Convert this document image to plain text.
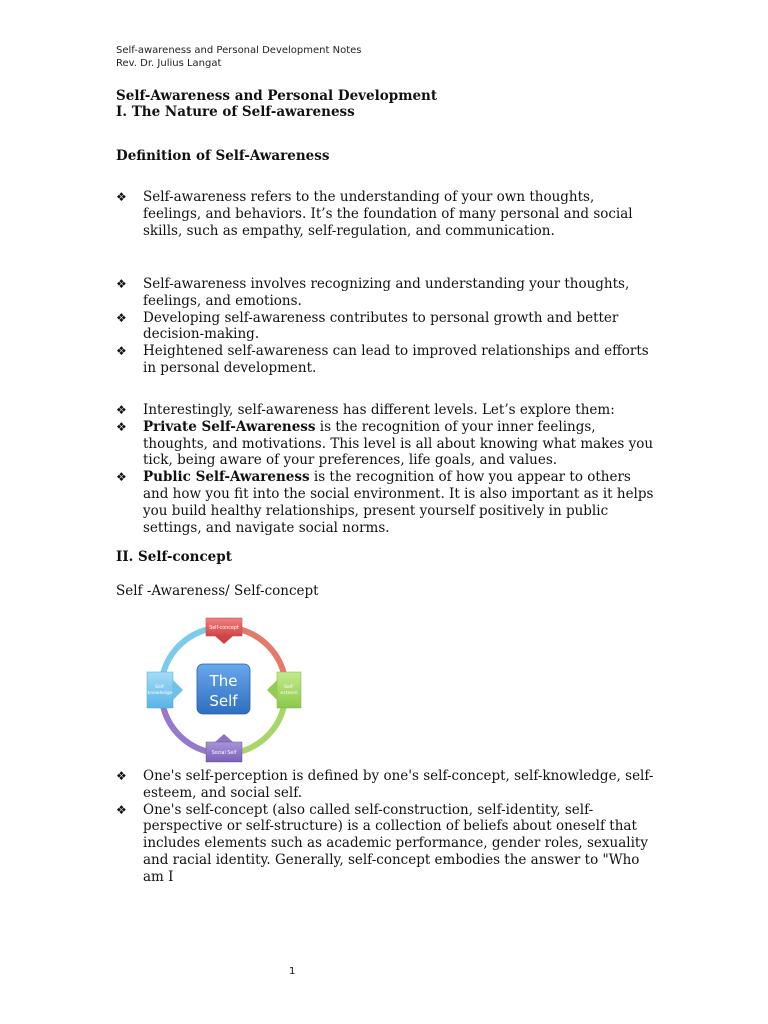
Self-awareness and Personal Development Notes
Rev. Dr. Julius Langat
Self-Awareness and Personal Development
I. The Nature of Self-awareness
Definition of Self-Awareness
❖ Self-awareness refers to the understanding of your own thoughts, feelings, and behaviors. It’s the foundation of many personal and social skills, such as empathy, self-regulation, and communication.
❖ Self-awareness involves recognizing and understanding your thoughts, feelings, and emotions.
❖ Developing self-awareness contributes to personal growth and better decision-making.
❖ Heightened self-awareness can lead to improved relationships and efforts in personal development.
❖ Interestingly, self-awareness has different levels. Let’s explore them:
❖ Private Self-Awareness is the recognition of your inner feelings, thoughts, and motivations. This level is all about knowing what makes you tick, being aware of your preferences, life goals, and values.
❖ Public Self-Awareness is the recognition of how you appear to others and how you fit into the social environment. It is also important as it helps you build healthy relationships, present yourself positively in public settings, and navigate social norms.
II. Self-concept
Self -Awareness/ Self-concept
Self-concept
Self-
esteem
Social Self
Self-
knowledge
The
Self
❖ One's self-perception is defined by one's self-concept, self-knowledge, self-esteem, and social self.
❖ One's self-concept (also called self-construction, self-identity, self-perspective or self-structure) is a collection of beliefs about oneself that includes elements such as academic performance, gender roles, sexuality and racial identity. Generally, self-concept embodies the answer to "Who am I
1
